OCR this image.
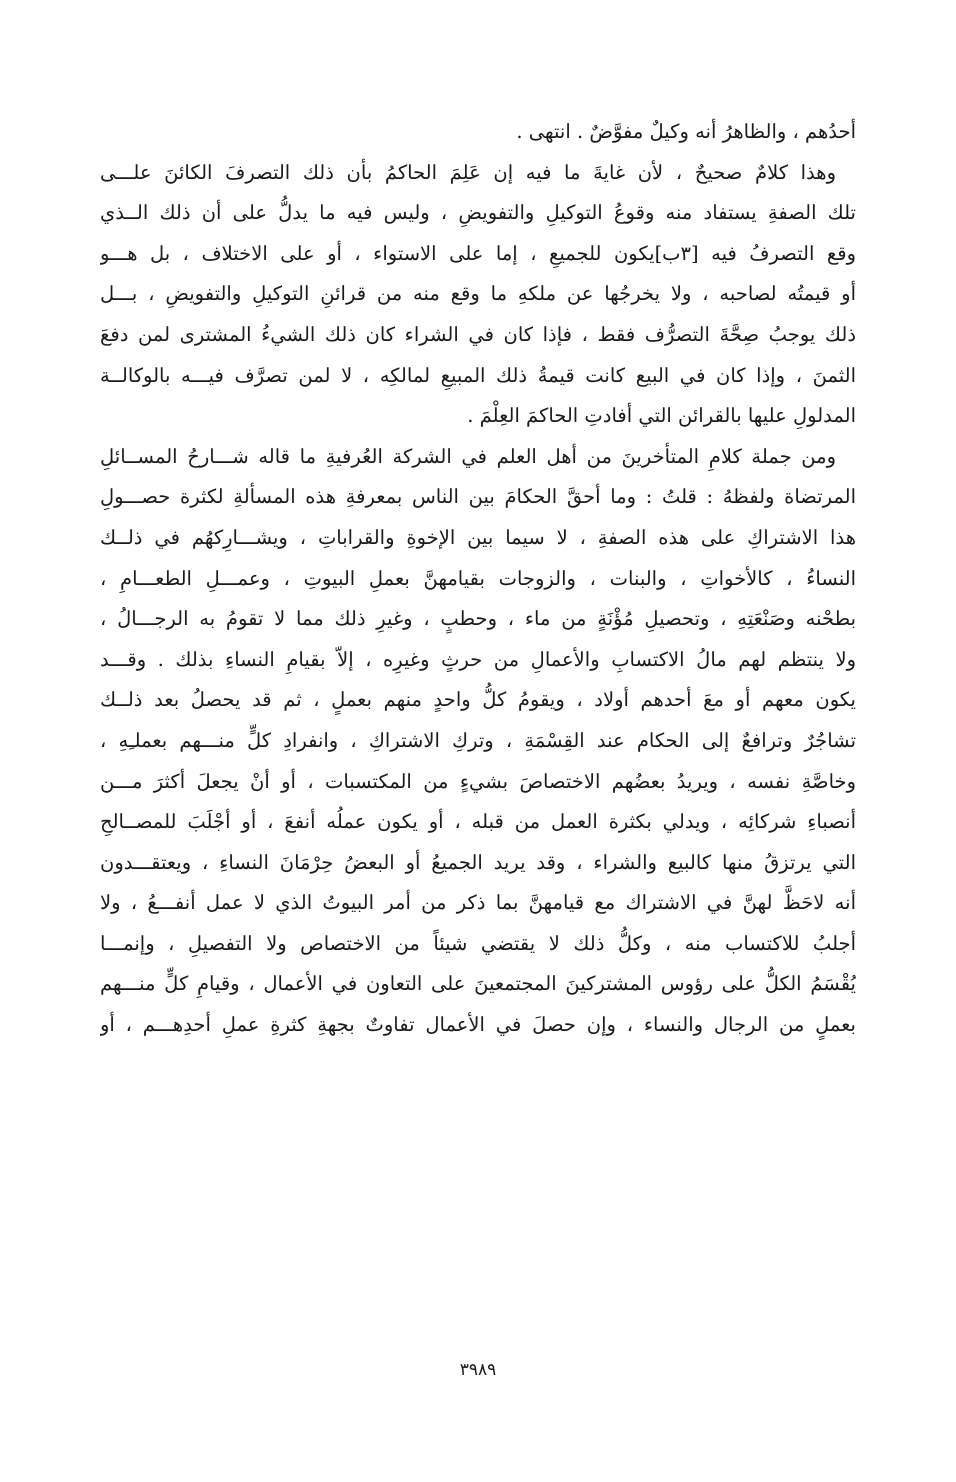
أحدُهم ، والظاهرُ أنه وكيلٌ مفوَّضٌ . انتهى .
وهذا كلامٌ صحيحٌ ، لأن غايةَ ما فيه إن عَلِمَ الحاكمُ بأن ذلك التصرفَ الكائنَ علـــى
تلك الصفةِ يستفاد منه وقوعُ التوكيلِ والتفويضِ ، وليس فيه ما يدلُّ على أن ذلك الــذي
وقع التصرفُ فيه [٣ب]يكون للجميعِ ، إما على الاستواء ، أو على الاختلاف ، بل هـــو
أو قيمتُه لصاحبه ، ولا يخرجُها عن ملكهِ ما وقع منه من قرائنِ التوكيلِ والتفويضِ ، بـــل
ذلك يوجبُ صِحَّةَ التصرُّف فقط ، فإذا كان في الشراء كان ذلك الشيءُ المشترى لمن دفعَ
الثمنَ ، وإذا كان في البيع كانت قيمةُ ذلك المبيعِ لمالكِه ، لا لمن تصرَّف فيـــه بالوكالــة
المدلولِ عليها بالقرائن التي أفادتِ الحاكمَ العِلْمَ .
ومن جملة كلامِ المتأخرينَ من أهل العلم في الشركة العُرفيةِ ما قاله شـــارحُ المســائلِ
المرتضاة ولفظهُ : قلتُ : وما أحقَّ الحكامَ بين الناس بمعرفةِ هذه المسألةِ لكثرة حصـــولِ
هذا الاشتراكِ على هذه الصفةِ ، لا سيما بين الإخوةِ والقراباتِ ، ويشـــارِكهُم في ذلــك
النساءُ ، كالأخواتِ ، والبنات ، والزوجات بقيامهنَّ بعملِ البيوتِ ، وعمـــلِ الطعـــامِ ،
بطحْنه وصَنْعَتِهِ ، وتحصيلِ مُؤْنَةٍ من ماء ، وحطبٍ ، وغيرِ ذلك مما لا تقومُ به الرجـــالُ ،
ولا ينتظم لهم مالُ الاكتسابِ والأعمالِ من حرثٍ وغيرِه ، إلاّ بقيامِ النساءِ بذلك . وقـــد
يكون معهم أو معَ أحدهم أولاد ، ويقومُ كلُّ واحدٍ منهم بعملٍ ، ثم قد يحصلُ بعد ذلــك
تشاجُرٌ وترافعٌ إلى الحكام عند القِسْمَةِ ، وتركِ الاشتراكِ ، وانفرادِ كلٍّ منـــهم بعملـِهِ ،
وخاصَّةِ نفسه ، ويريدُ بعضُهم الاختصاصَ بشيءٍ من المكتسبات ، أو أنْ يجعلَ أكثرَ مـــن
أنصباءِ شركائِه ، ويدلي بكثرة العمل من قبله ، أو يكون عملُه أنفعَ ، أو أجْلَبَ للمصــالحِ
التي يرتزقُ منها كالبيع والشراء ، وقد يريد الجميعُ أو البعضُ حِرْمَانَ النساءِ ، ويعتقـــدون
أنه لاحَظَّ لهنَّ في الاشتراك مع قيامهنَّ بما ذكر من أمر البيوتُ الذي لا عمل أنفـــعُ ، ولا
أجلبُ للاكتساب منه ، وكلُّ ذلك لا يقتضي شيئاً من الاختصاص ولا التفصيلِ ، وإنمـــا
يُقْسَمُ الكلُّ على رؤوس المشتركينَ المجتمعينَ على التعاون في الأعمال ، وقيامِ كلٍّ منـــهم
بعملٍ من الرجال والنساء ، وإن حصلَ في الأعمال تفاوتٌ بجهةِ كثرةِ عملِ أحدِهـــم ، أو
٣٩٨٩
